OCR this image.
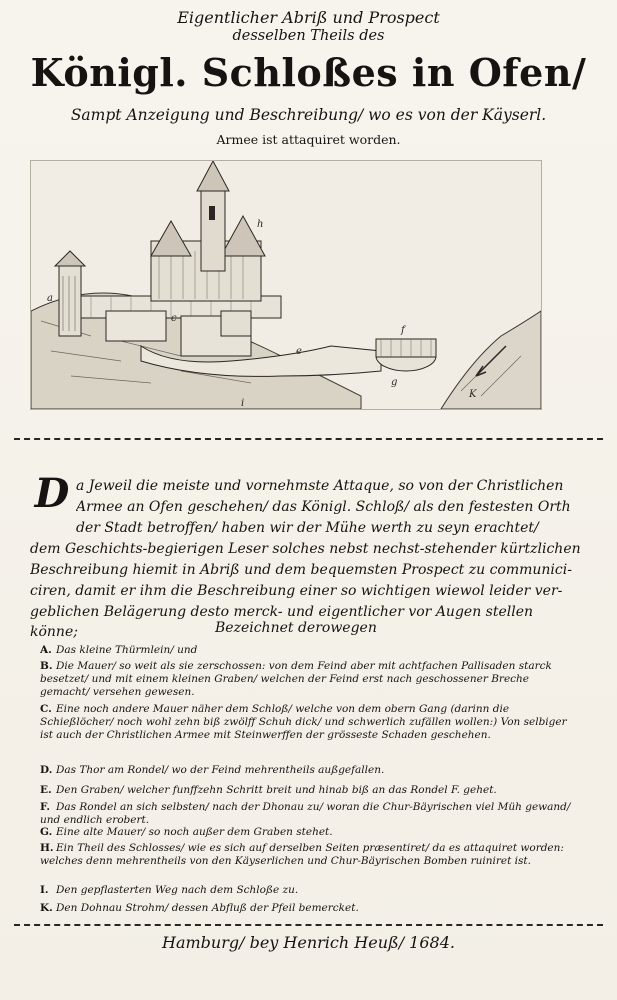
Eigentlicher Abriß und Prospect
desselben Theils des
Königl. Schloßes in Ofen/
Sampt Anzeigung und Beschreibung/ wo es von der Käyserl.
Armee ist attaquiret worden.
a
c
e
f
g
h
i
K
D a Jeweil die meiste und vornehmste Attaque, so von der Christlichen
Armee an Ofen geschehen/ das Königl. Schloß/ als den festesten Orth
der Stadt betroffen/ haben wir der Mühe werth zu seyn erachtet/
dem Geschichts-begierigen Leser solches nebst nechst-stehender kürtzlichen
Beschreibung hiemit in Abriß und dem bequemsten Prospect zu communici-
ciren, damit er ihm die Beschreibung einer so wichtigen wiewol leider ver-
geblichen Belägerung desto merck- und eigentlicher vor Augen stellen
könne;	Bezeichnet derowegen
A. Das kleine Thürmlein/ und
B. Die Mauer/ so weit als sie zerschossen: von dem Feind aber mit achtfachen Pallisaden starck besetzet/ und mit einem kleinen Graben/ welchen der Feind erst nach geschossener Breche gemacht/ versehen gewesen.
C. Eine noch andere Mauer näher dem Schloß/ welche von dem obern Gang (darinn die Schießlöcher/ noch wohl zehn biß zwölff Schuh dick/ und schwerlich zufällen wollen:) Von selbiger ist auch der Christlichen Armee mit Steinwerffen der grösseste Schaden geschehen.
D. Das Thor am Rondel/ wo der Feind mehrentheils außgefallen.
E. Den Graben/ welcher funffzehn Schritt breit und hinab biß an das Rondel F. gehet.
F. Das Rondel an sich selbsten/ nach der Dhonau zu/ woran die Chur-Bäyrischen viel Müh gewand/ und endlich erobert.
G. Eine alte Mauer/ so noch außer dem Graben stehet.
H. Ein Theil des Schlosses/ wie es sich auf derselben Seiten præsentiret/ da es attaquiret worden: welches denn mehrentheils von den Käyserlichen und Chur-Bäyrischen Bomben ruiniret ist.
I. Den gepflasterten Weg nach dem Schloße zu.
K. Den Dohnau Strohm/ dessen Abfluß der Pfeil bemercket.
Hamburg/ bey Henrich Heuß/ 1684.
